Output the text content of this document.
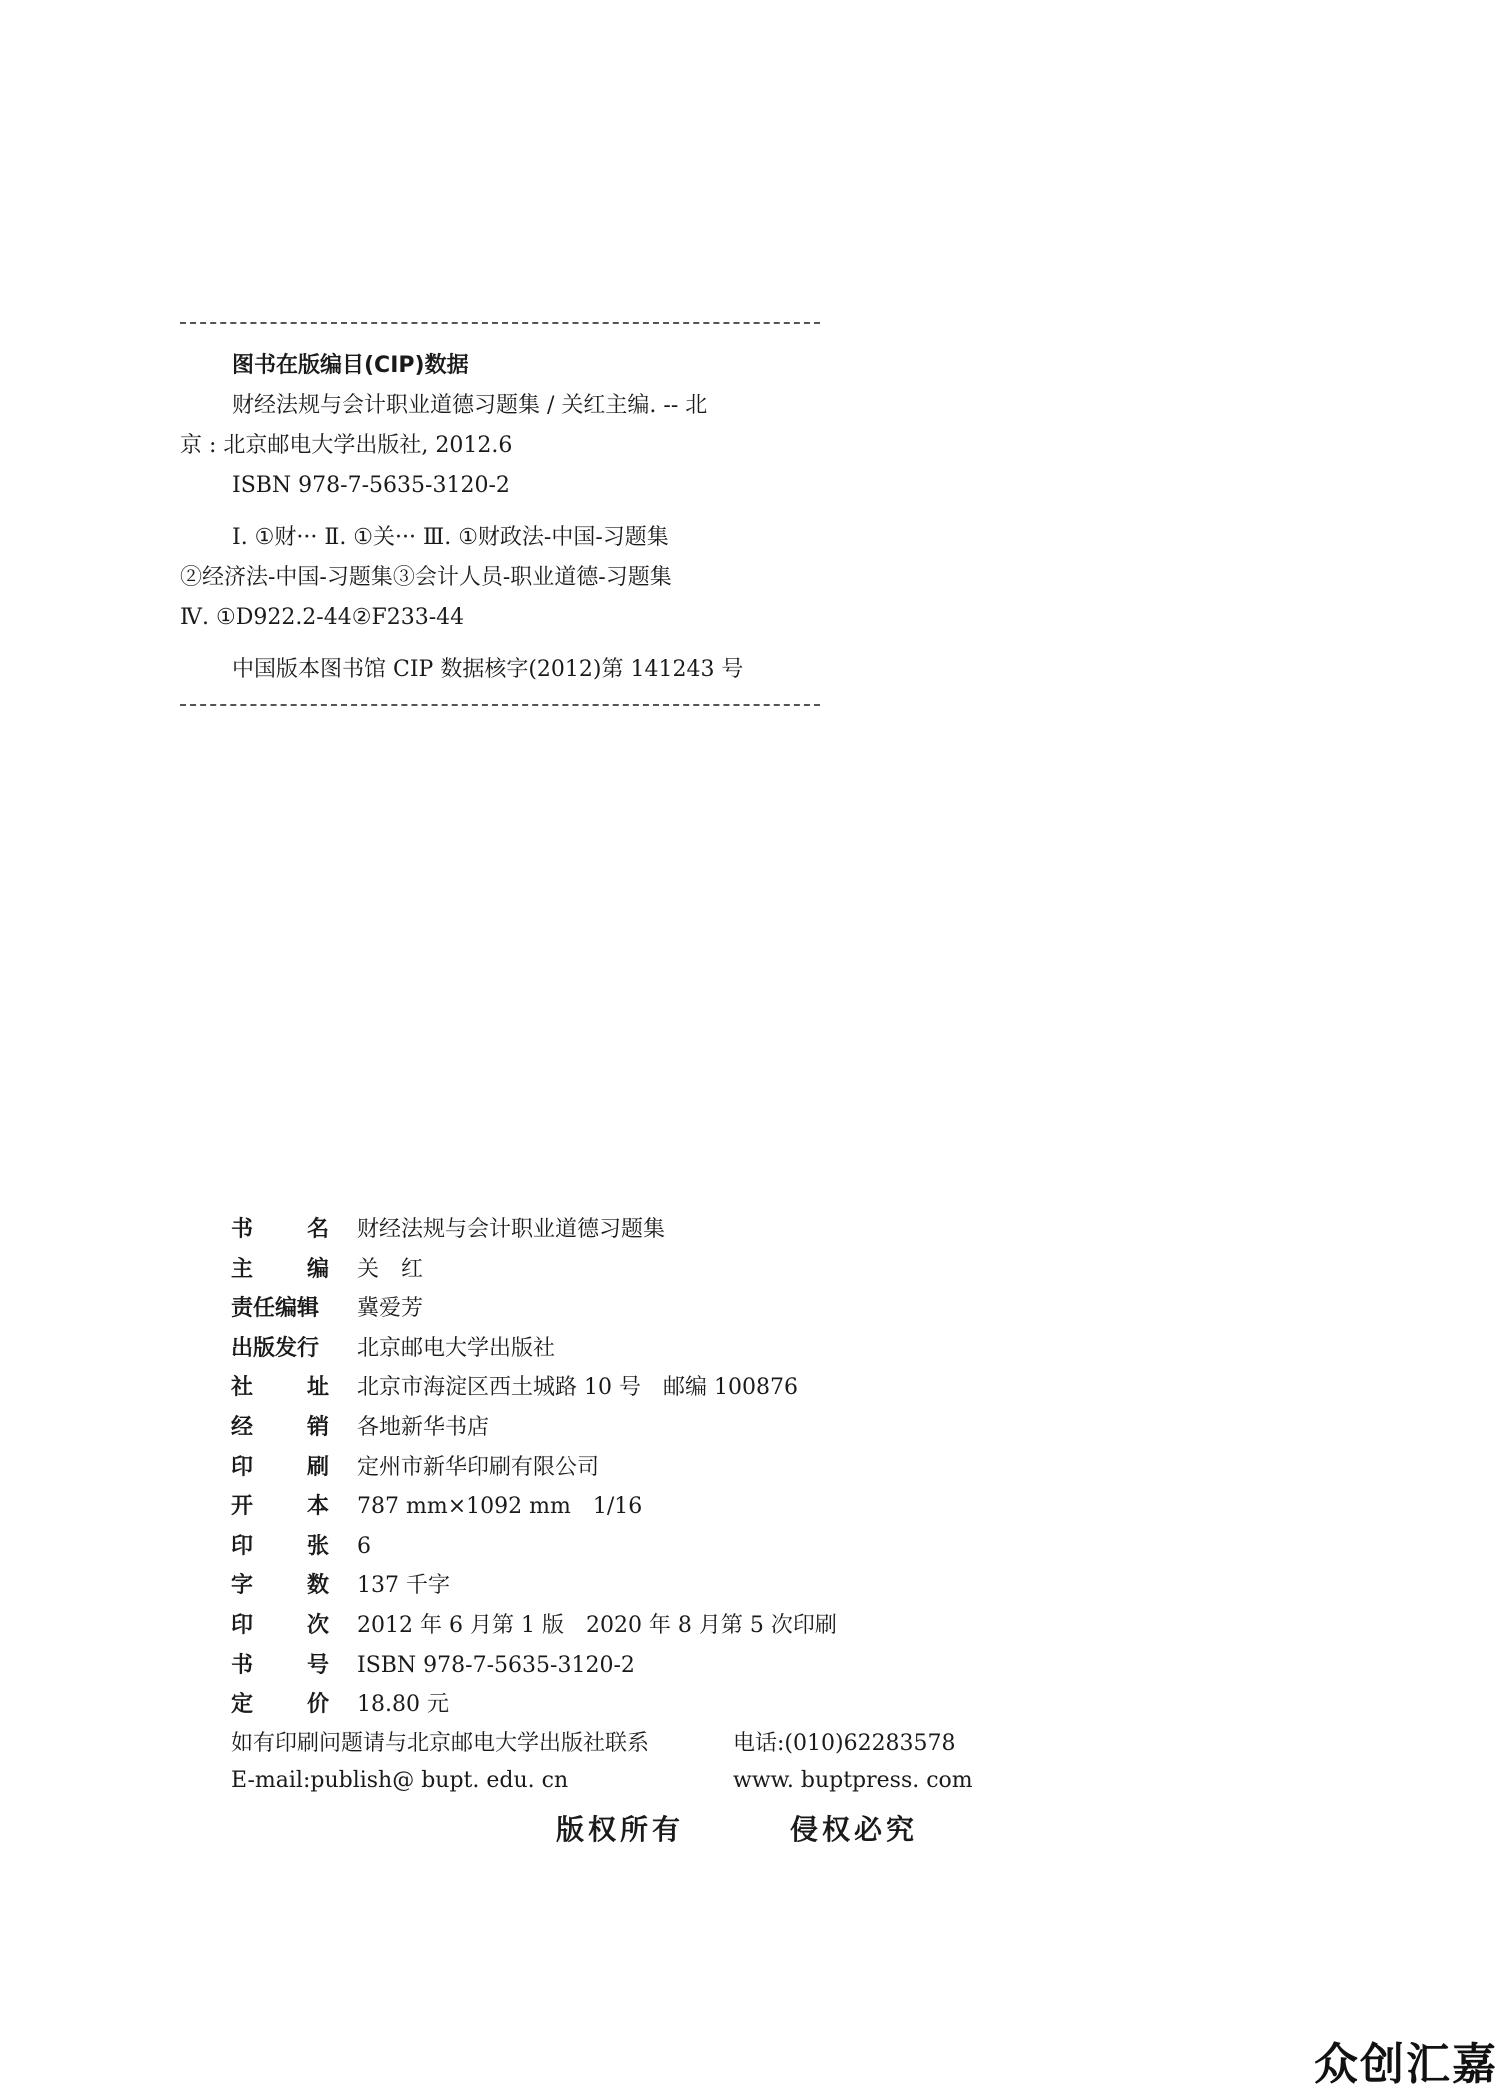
图书在版编目(CIP)数据
财经法规与会计职业道德习题集 / 关红主编. -- 北
京 : 北京邮电大学出版社, 2012.6
ISBN 978-7-5635-3120-2
Ⅰ. ①财··· Ⅱ. ①关··· Ⅲ. ①财政法-中国-习题集
②经济法-中国-习题集③会计人员-职业道德-习题集
Ⅳ. ①D922.2-44②F233-44
中国版本图书馆 CIP 数据核字(2012)第 141243 号
书 名 财经法规与会计职业道德习题集
主 编 关　红
责任编辑 冀爱芳
出版发行 北京邮电大学出版社
社 址 北京市海淀区西土城路 10 号　邮编 100876
经 销 各地新华书店
印 刷 定州市新华印刷有限公司
开 本 787 mm×1092 mm　1/16
印 张 6
字 数 137 千字
印 次 2012 年 6 月第 1 版　2020 年 8 月第 5 次印刷
书 号 ISBN 978-7-5635-3120-2
定 价 18.80 元
如有印刷问题请与北京邮电大学出版社联系	电话:(010)62283578
E-mail:publish@ bupt. edu. cn	www. buptpress. com
版权所有	侵权必究
众创汇嘉
